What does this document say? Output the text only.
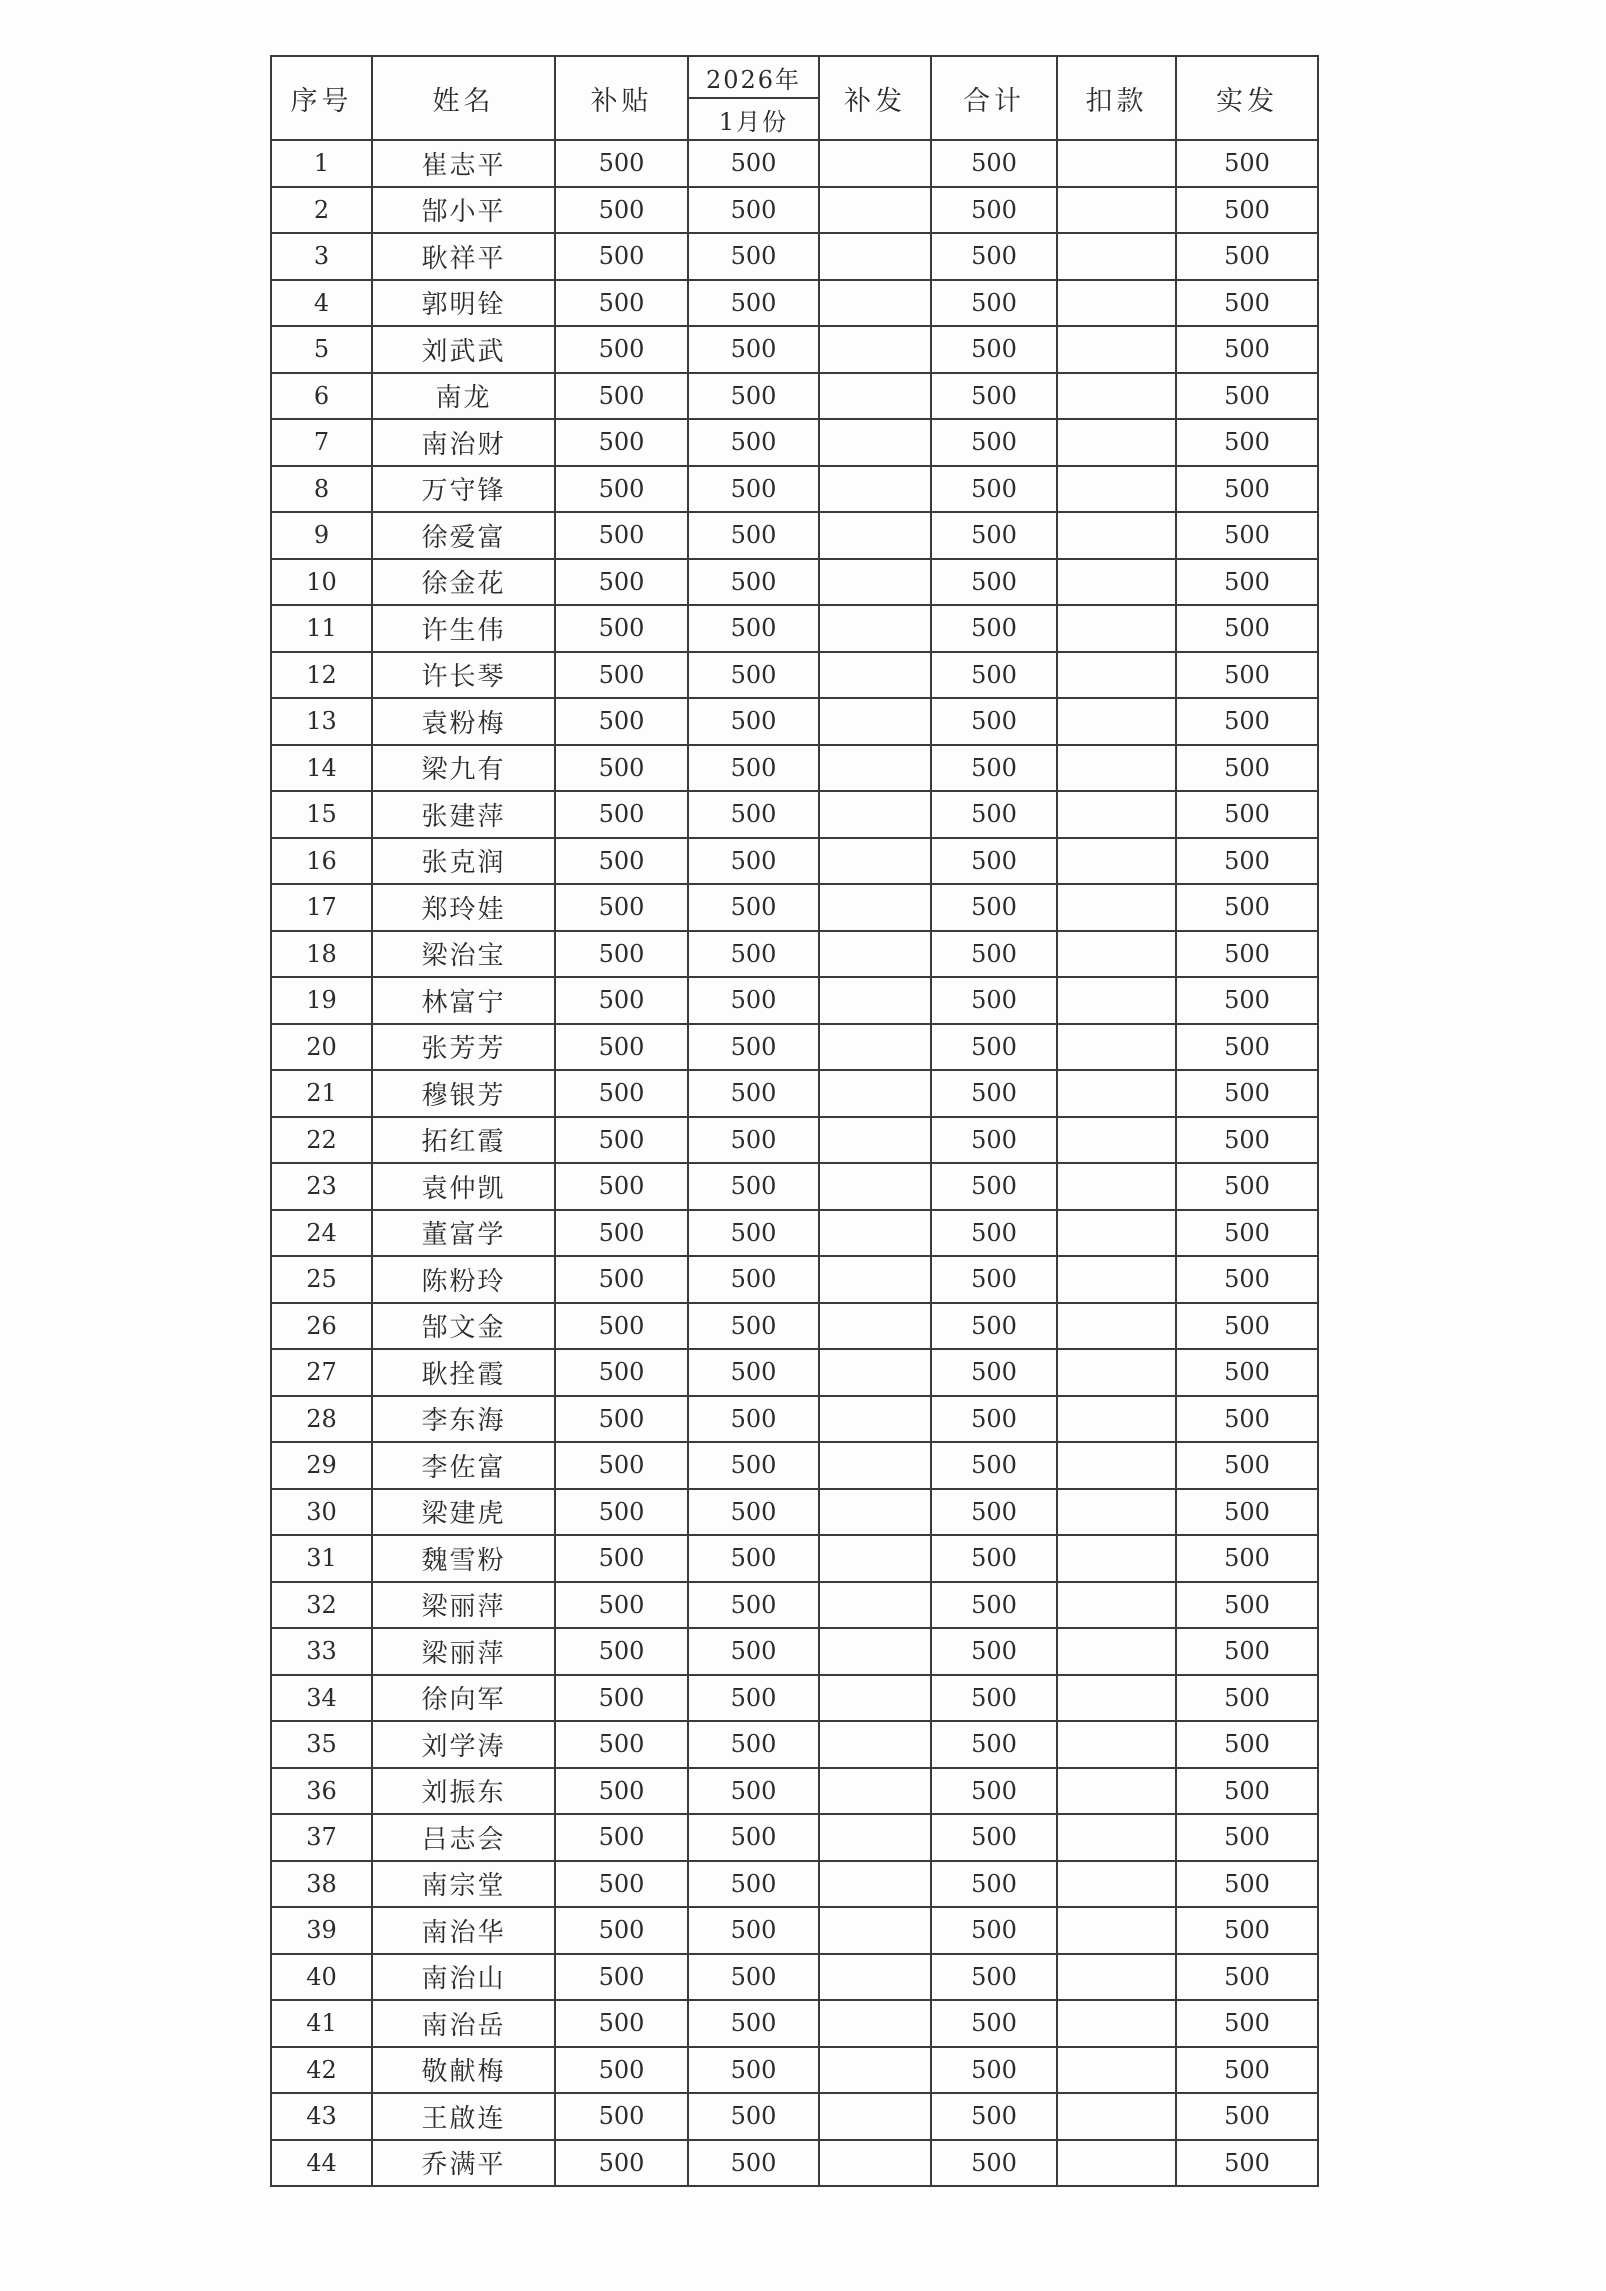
序号	姓名	补贴	2026年	补发	合计	扣款	实发
			1月份				
1	崔志平	500	500		500		500
2	郜小平	500	500		500		500
3	耿祥平	500	500		500		500
4	郭明铨	500	500		500		500
5	刘武武	500	500		500		500
6	南龙	500	500		500		500
7	南治财	500	500		500		500
8	万守锋	500	500		500		500
9	徐爱富	500	500		500		500
10	徐金花	500	500		500		500
11	许生伟	500	500		500		500
12	许长琴	500	500		500		500
13	袁粉梅	500	500		500		500
14	梁九有	500	500		500		500
15	张建萍	500	500		500		500
16	张克润	500	500		500		500
17	郑玲娃	500	500		500		500
18	梁治宝	500	500		500		500
19	林富宁	500	500		500		500
20	张芳芳	500	500		500		500
21	穆银芳	500	500		500		500
22	拓红霞	500	500		500		500
23	袁仲凯	500	500		500		500
24	董富学	500	500		500		500
25	陈粉玲	500	500		500		500
26	郜文金	500	500		500		500
27	耿拴霞	500	500		500		500
28	李东海	500	500		500		500
29	李佐富	500	500		500		500
30	梁建虎	500	500		500		500
31	魏雪粉	500	500		500		500
32	梁丽萍	500	500		500		500
33	梁丽萍	500	500		500		500
34	徐向军	500	500		500		500
35	刘学涛	500	500		500		500
36	刘振东	500	500		500		500
37	吕志会	500	500		500		500
38	南宗堂	500	500		500		500
39	南治华	500	500		500		500
40	南治山	500	500		500		500
41	南治岳	500	500		500		500
42	敬献梅	500	500		500		500
43	王啟连	500	500		500		500
44	乔满平	500	500		500		500
